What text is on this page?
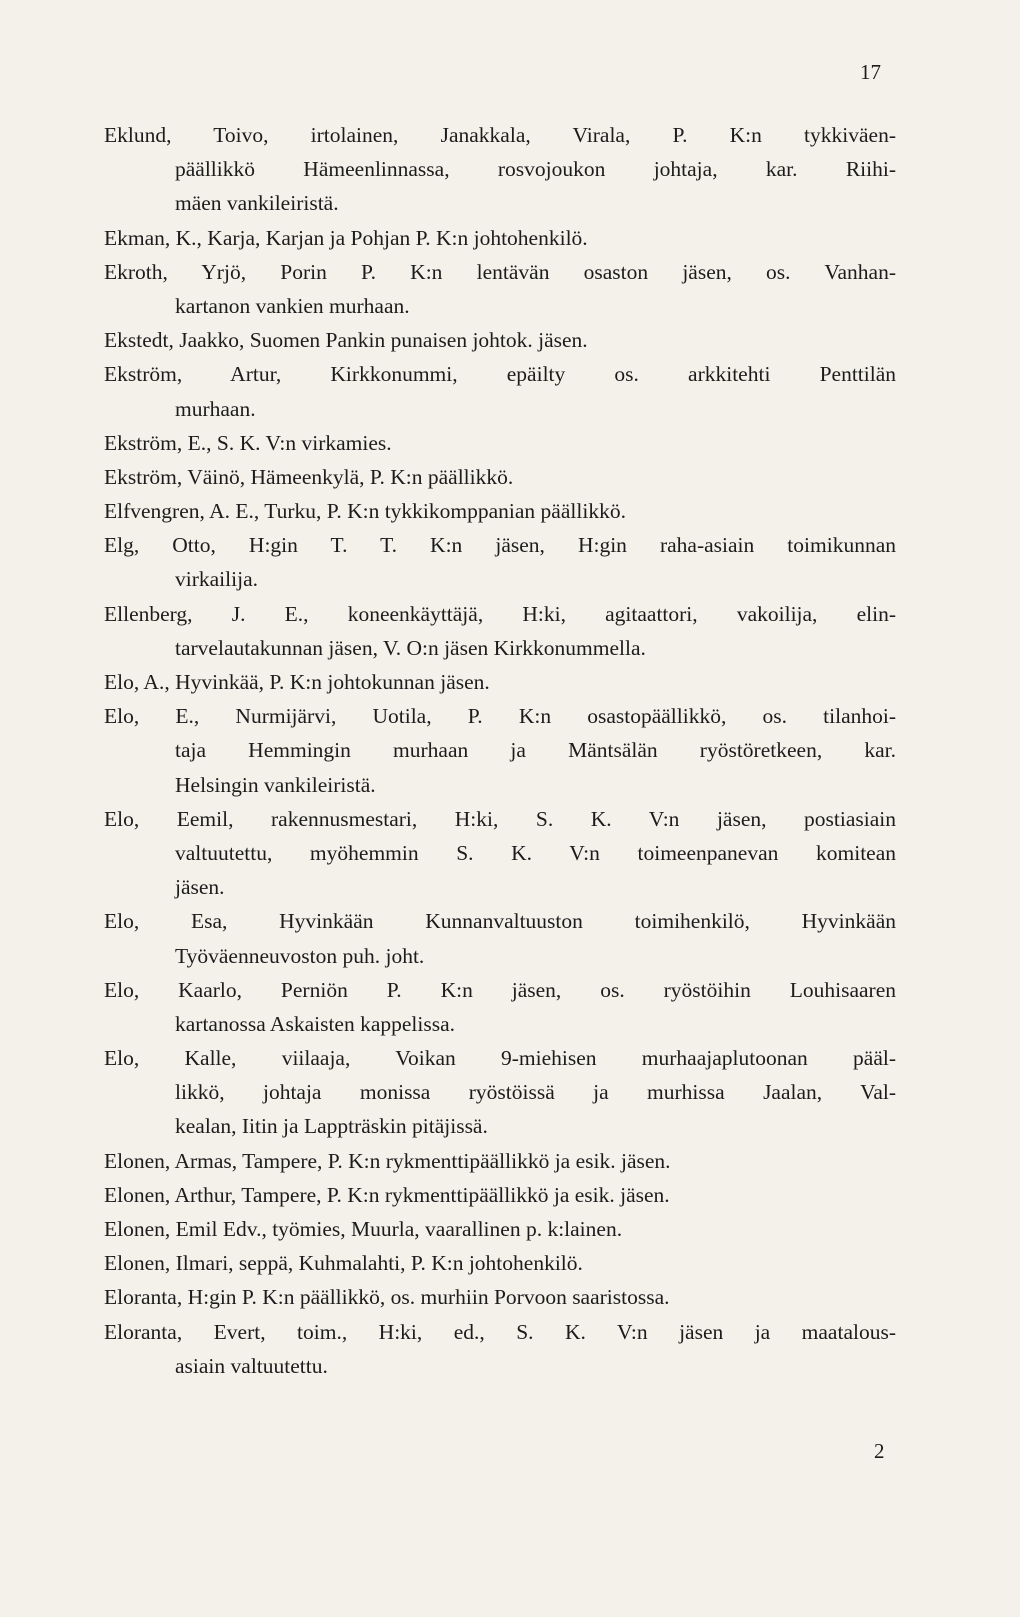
17
Eklund, Toivo, irtolainen, Janakkala, Virala, P. K:n tykkiväen-
päällikkö Hämeenlinnassa, rosvojoukon johtaja, kar. Riihi-
mäen vankileiristä.
Ekman, K., Karja, Karjan ja Pohjan P. K:n johtohenkilö.
Ekroth, Yrjö, Porin P. K:n lentävän osaston jäsen, os. Vanhan-
kartanon vankien murhaan.
Ekstedt, Jaakko, Suomen Pankin punaisen johtok. jäsen.
Ekström, Artur, Kirkkonummi, epäilty os. arkkitehti Penttilän
murhaan.
Ekström, E., S. K. V:n virkamies.
Ekström, Väinö, Hämeenkylä, P. K:n päällikkö.
Elfvengren, A. E., Turku, P. K:n tykkikomppanian päällikkö.
Elg, Otto, H:gin T. T. K:n jäsen, H:gin raha-asiain toimikunnan
virkailija.
Ellenberg, J. E., koneenkäyttäjä, H:ki, agitaattori, vakoilija, elin-
tarvelautakunnan jäsen, V. O:n jäsen Kirkkonummella.
Elo, A., Hyvinkää, P. K:n johtokunnan jäsen.
Elo, E., Nurmijärvi, Uotila, P. K:n osastopäällikkö, os. tilanhoi-
taja Hemmingin murhaan ja Mäntsälän ryöstöretkeen, kar.
Helsingin vankileiristä.
Elo, Eemil, rakennusmestari, H:ki, S. K. V:n jäsen, postiasiain
valtuutettu, myöhemmin S. K. V:n toimeenpanevan komitean
jäsen.
Elo, Esa, Hyvinkään Kunnanvaltuuston toimihenkilö, Hyvinkään
Työväenneuvoston puh. joht.
Elo, Kaarlo, Perniön P. K:n jäsen, os. ryöstöihin Louhisaaren
kartanossa Askaisten kappelissa.
Elo, Kalle, viilaaja, Voikan 9-miehisen murhaajaplutoonan pääl-
likkö, johtaja monissa ryöstöissä ja murhissa Jaalan, Val-
kealan, Iitin ja Lappträskin pitäjissä.
Elonen, Armas, Tampere, P. K:n rykmenttipäällikkö ja esik. jäsen.
Elonen, Arthur, Tampere, P. K:n rykmenttipäällikkö ja esik. jäsen.
Elonen, Emil Edv., työmies, Muurla, vaarallinen p. k:lainen.
Elonen, Ilmari, seppä, Kuhmalahti, P. K:n johtohenkilö.
Eloranta, H:gin P. K:n päällikkö, os. murhiin Porvoon saaristossa.
Eloranta, Evert, toim., H:ki, ed., S. K. V:n jäsen ja maatalous-
asiain valtuutettu.
2
